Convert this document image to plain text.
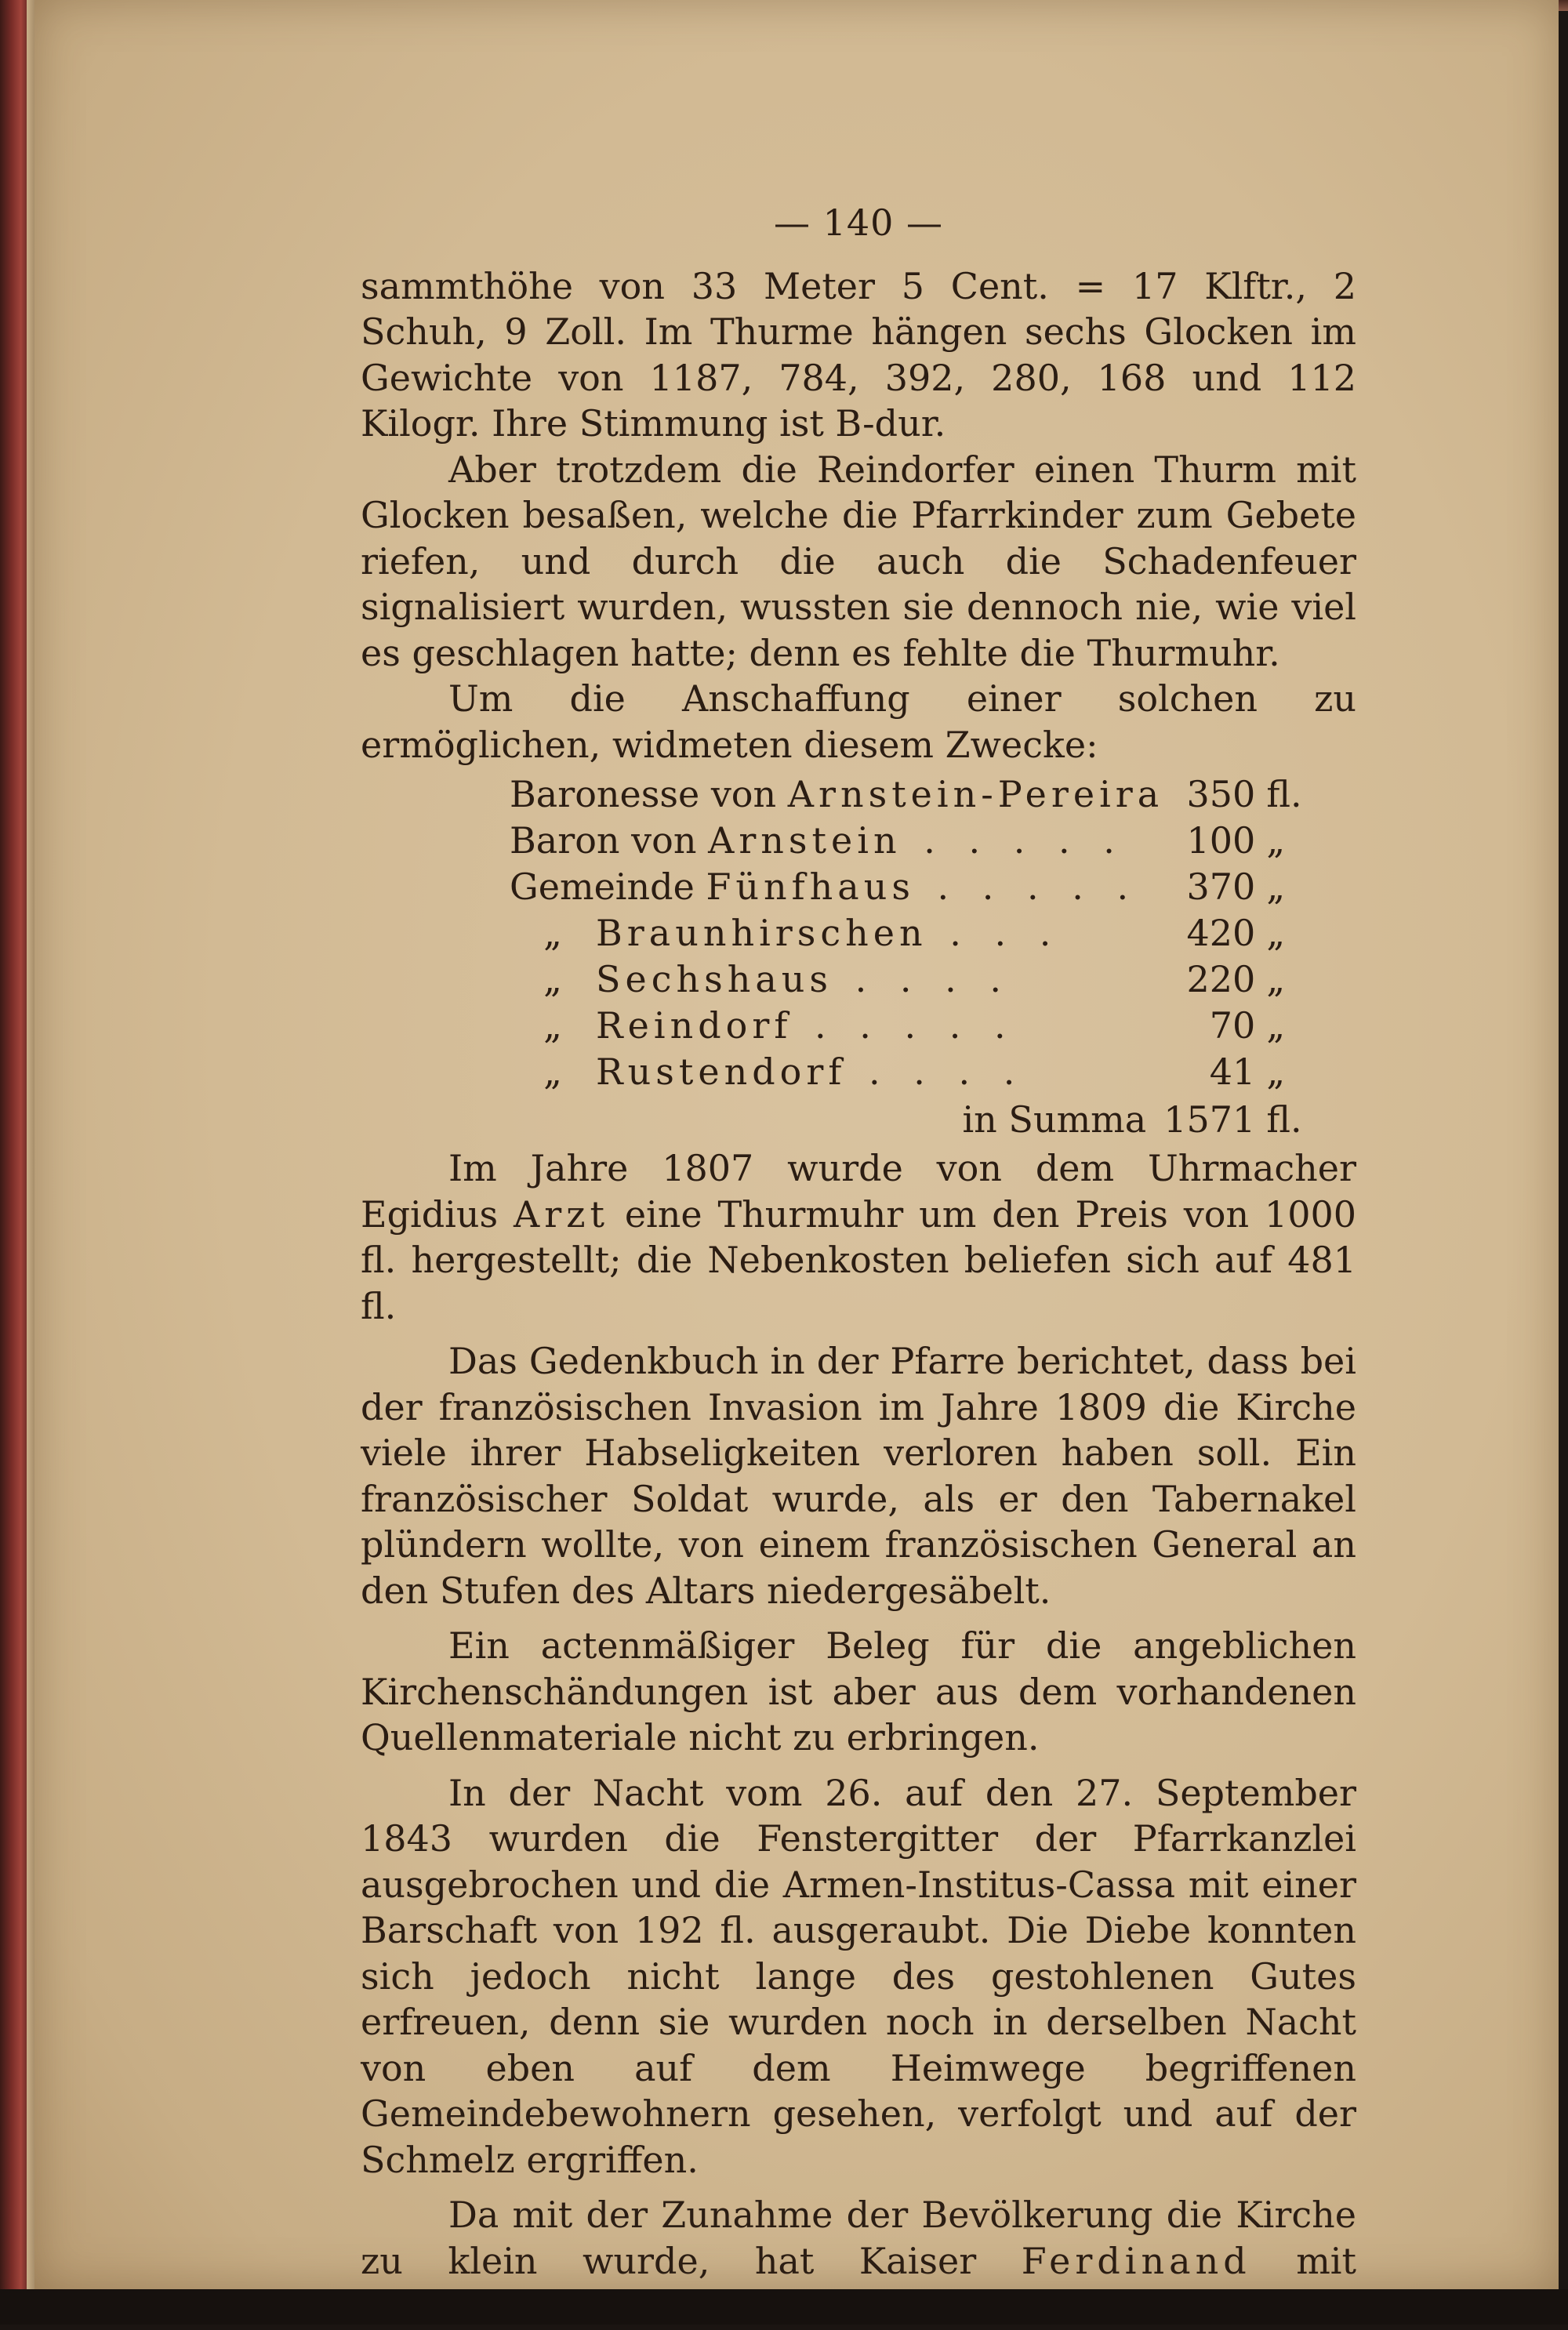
— 140 —

sammthöhe von 33 Meter 5 Cent. = 17 Klftr., 2 Schuh, 9 Zoll. Im Thurme hängen sechs Glocken im Gewichte von 1187, 784, 392, 280, 168 und 112 Kilogr. Ihre Stimmung ist B-dur.

Aber trotzdem die Reindorfer einen Thurm mit Glocken besaßen, welche die Pfarrkinder zum Gebete riefen, und durch die auch die Schadenfeuer signalisiert wurden, wussten sie dennoch nie, wie viel es geschlagen hatte; denn es fehlte die Thurmuhr.

Um die Anschaffung einer solchen zu ermöglichen, widmeten diesem Zwecke:

Baronesse von Arnstein-Pereira	350	fl.
Baron von Arnstein . . . . .	100	„
Gemeinde Fünfhaus . . . . .	370	„
„ Braunhirschen . . .	420	„
„ Sechshaus . . . .	220	„
„ Reindorf . . . . .	70	„
„ Rustendorf . . . .	41	„
in Summa	1571	fl.

Im Jahre 1807 wurde von dem Uhrmacher Egidius Arzt eine Thurmuhr um den Preis von 1000 fl. hergestellt; die Nebenkosten beliefen sich auf 481 fl.

Das Gedenkbuch in der Pfarre berichtet, dass bei der französischen Invasion im Jahre 1809 die Kirche viele ihrer Habseligkeiten verloren haben soll. Ein französischer Soldat wurde, als er den Tabernakel plündern wollte, von einem französischen General an den Stufen des Altars niedergesäbelt.

Ein actenmäßiger Beleg für die angeblichen Kirchenschändungen ist aber aus dem vorhandenen Quellenmateriale nicht zu erbringen.

In der Nacht vom 26. auf den 27. September 1843 wurden die Fenstergitter der Pfarrkanzlei ausgebrochen und die Armen-Institus-Cassa mit einer Barschaft von 192 fl. ausgeraubt. Die Diebe konnten sich jedoch nicht lange des gestohlenen Gutes erfreuen, denn sie wurden noch in derselben Nacht von eben auf dem Heimwege begriffenen Gemeindebewohnern gesehen, verfolgt und auf der Schmelz ergriffen.

Da mit der Zunahme der Bevölkerung die Kirche zu klein wurde, hat Kaiser Ferdinand mit
